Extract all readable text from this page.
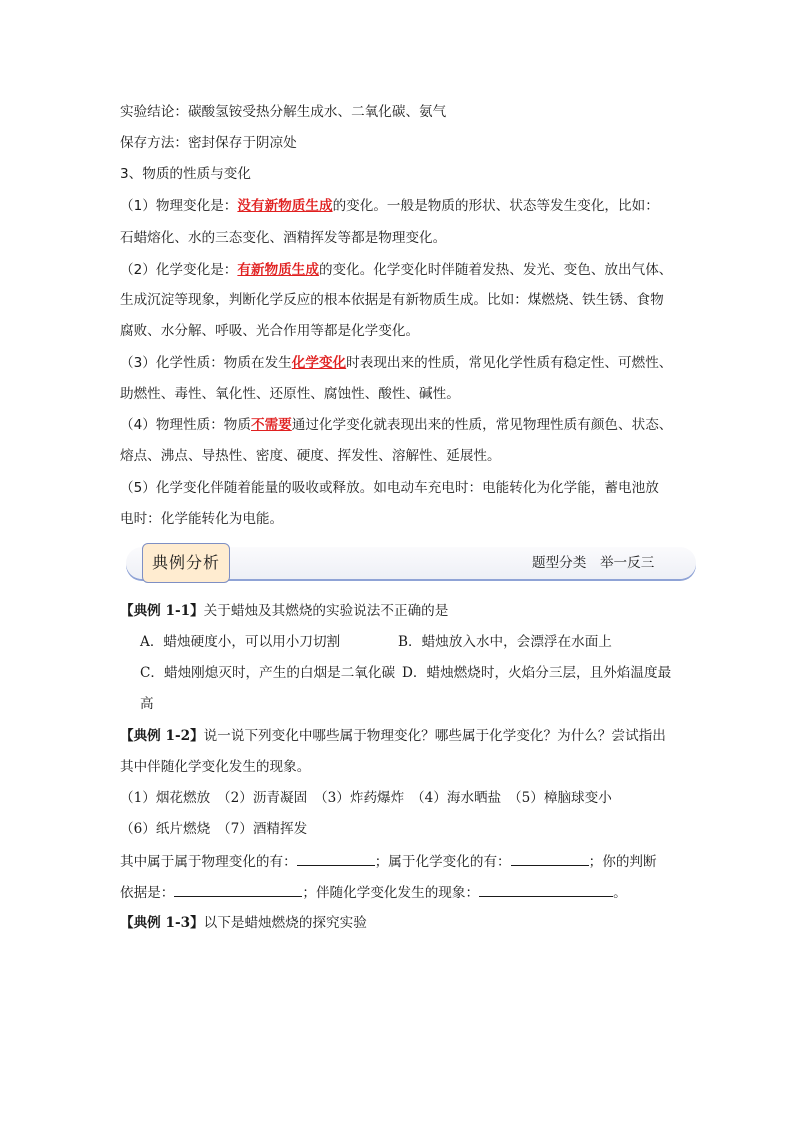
实验结论：碳酸氢铵受热分解生成水、二氧化碳、氨气
保存方法：密封保存于阴凉处
3、物质的性质与变化
（1）物理变化是：没有新物质生成的变化。一般是物质的形状、状态等发生变化，比如：
石蜡熔化、水的三态变化、酒精挥发等都是物理变化。
（2）化学变化是：有新物质生成的变化。化学变化时伴随着发热、发光、变色、放出气体、
生成沉淀等现象，判断化学反应的根本依据是有新物质生成。比如：煤燃烧、铁生锈、食物
腐败、水分解、呼吸、光合作用等都是化学变化。
（3）化学性质：物质在发生化学变化时表现出来的性质，常见化学性质有稳定性、可燃性、
助燃性、毒性、氧化性、还原性、腐蚀性、酸性、碱性。
（4）物理性质：物质不需要通过化学变化就表现出来的性质，常见物理性质有颜色、状态、
熔点、沸点、导热性、密度、硬度、挥发性、溶解性、延展性。
（5）化学变化伴随着能量的吸收或释放。如电动车充电时：电能转化为化学能，蓄电池放
电时：化学能转化为电能。
典例分析	题型分类　举一反三
【典例 1-1】关于蜡烛及其燃烧的实验说法不正确的是
A．蜡烛硬度小，可以用小刀切割	B．蜡烛放入水中，会漂浮在水面上
C．蜡烛刚熄灭时，产生的白烟是二氧化碳 D．蜡烛燃烧时，火焰分三层，且外焰温度最
高
【典例 1-2】说一说下列变化中哪些属于物理变化？哪些属于化学变化？为什么？尝试指出
其中伴随化学变化发生的现象。
（1）烟花燃放　（2）沥青凝固　（3）炸药爆炸　（4）海水晒盐　（5）樟脑球变小
（6）纸片燃烧　（7）酒精挥发
其中属于属于物理变化的有：	；属于化学变化的有：	；你的判断
依据是：	；伴随化学变化发生的现象：	。
【典例 1-3】以下是蜡烛燃烧的探究实验
